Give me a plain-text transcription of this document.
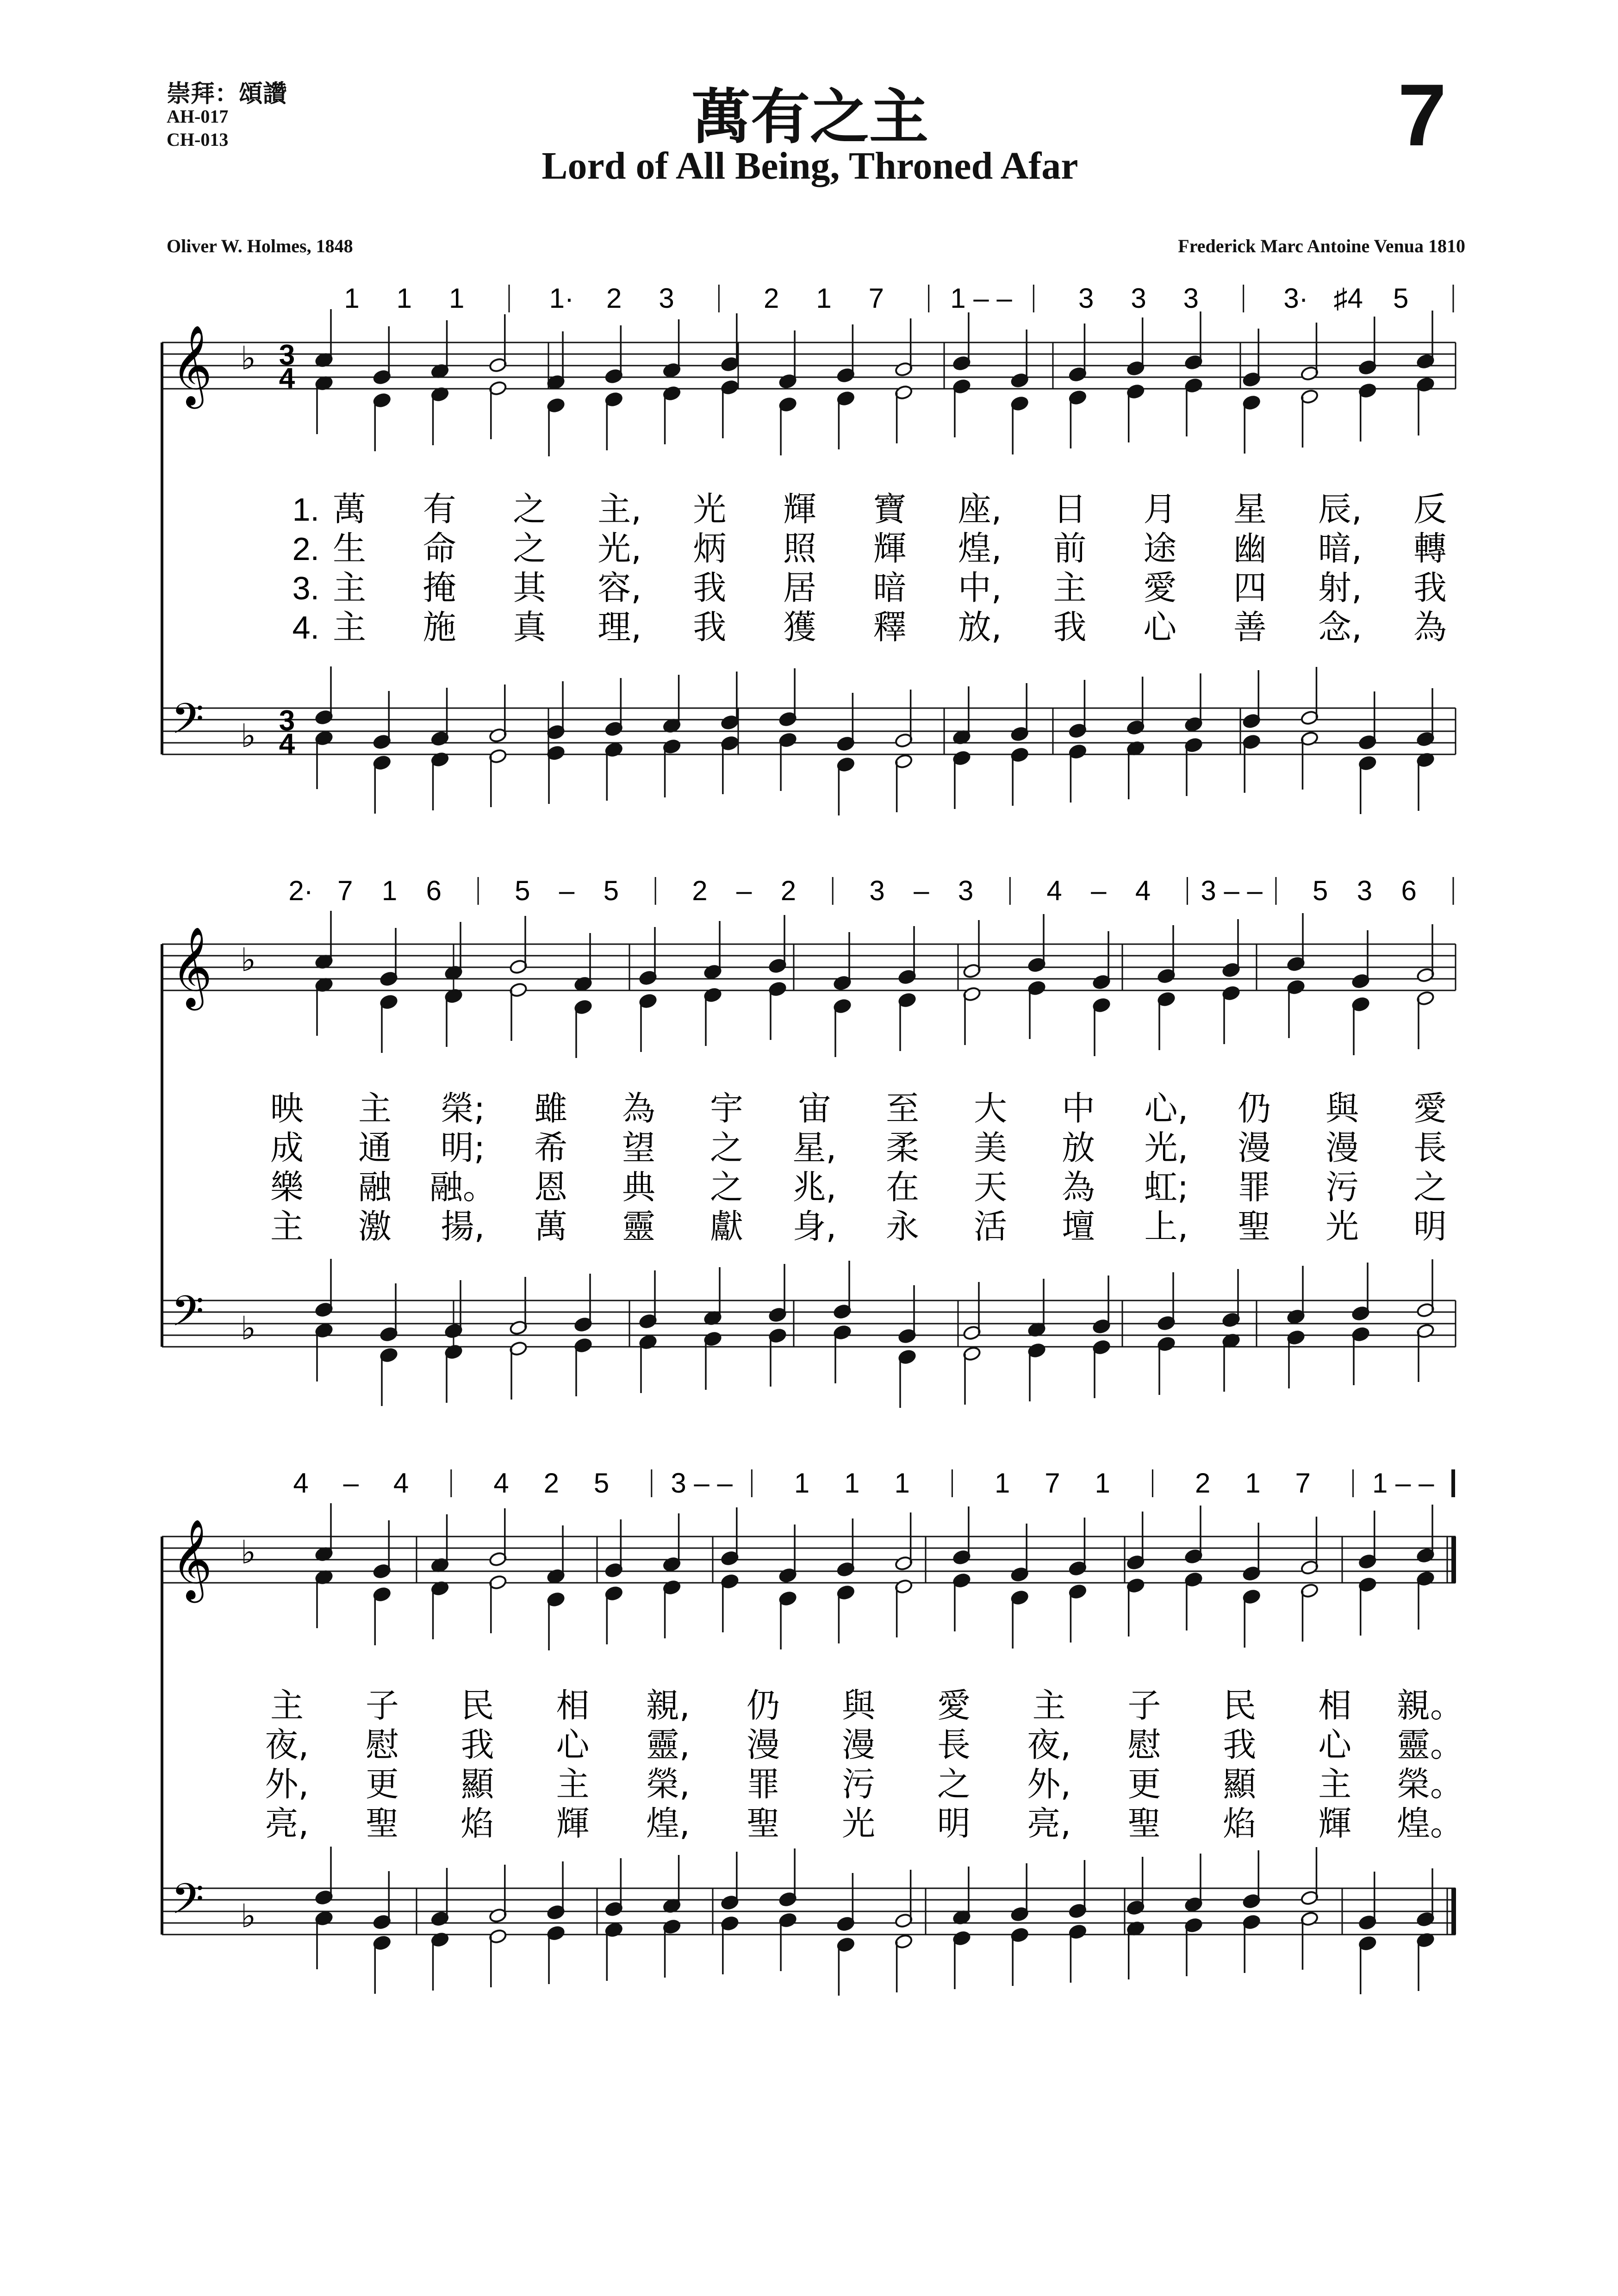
崇拜：頌讚
AH-017
CH-013	萬有之主
Lord of All Being, Throned Afar
7
Oliver W. Holmes, 1848	Frederick Marc Antoine Venua 1810
𝄞
𝄢
♭
♭
3
4
3
4
1 1 1	1· 2 3	2 1 7 1 – – 3 3 3	3· ♯4 5
1. 萬 有 之 主, 光 輝 寶 座, 日 月 星 辰, 反
2. 生 命 之 光, 炳 照 輝 煌, 前 途 幽 暗, 轉
3. 主 掩 其 容, 我 居 暗 中, 主 愛 四 射, 我
4. 主 施 真 理, 我 獲 釋 放, 我 心 善 念, 為
𝄞
𝄢
♭
♭
2· 7 1 6	5 – 5	2 – 2	3 – 3	4 – 4 3 – – 5 3 6
映 主 榮; 雖 為 宇 宙 至 大 中 心, 仍 與 愛
成 通 明; 希 望 之 星, 柔 美 放 光, 漫 漫 長
樂 融 融。 恩 典 之 兆, 在 天 為 虹; 罪 污 之
主 激 揚, 萬 靈 獻 身, 永 活 壇 上, 聖 光 明
𝄞
𝄢
♭
♭
4 – 4	4 2 5 3 – – 1 1 1	1 7 1	2 1 7 1 – –
主 子 民 相 親, 仍 與 愛 主 子 民 相 親。
夜, 慰 我 心 靈, 漫 漫 長 夜, 慰 我 心 靈。
外, 更 顯 主 榮, 罪 污 之 外, 更 顯 主 榮。
亮, 聖 焰 輝 煌, 聖 光 明 亮, 聖 焰 輝 煌。
